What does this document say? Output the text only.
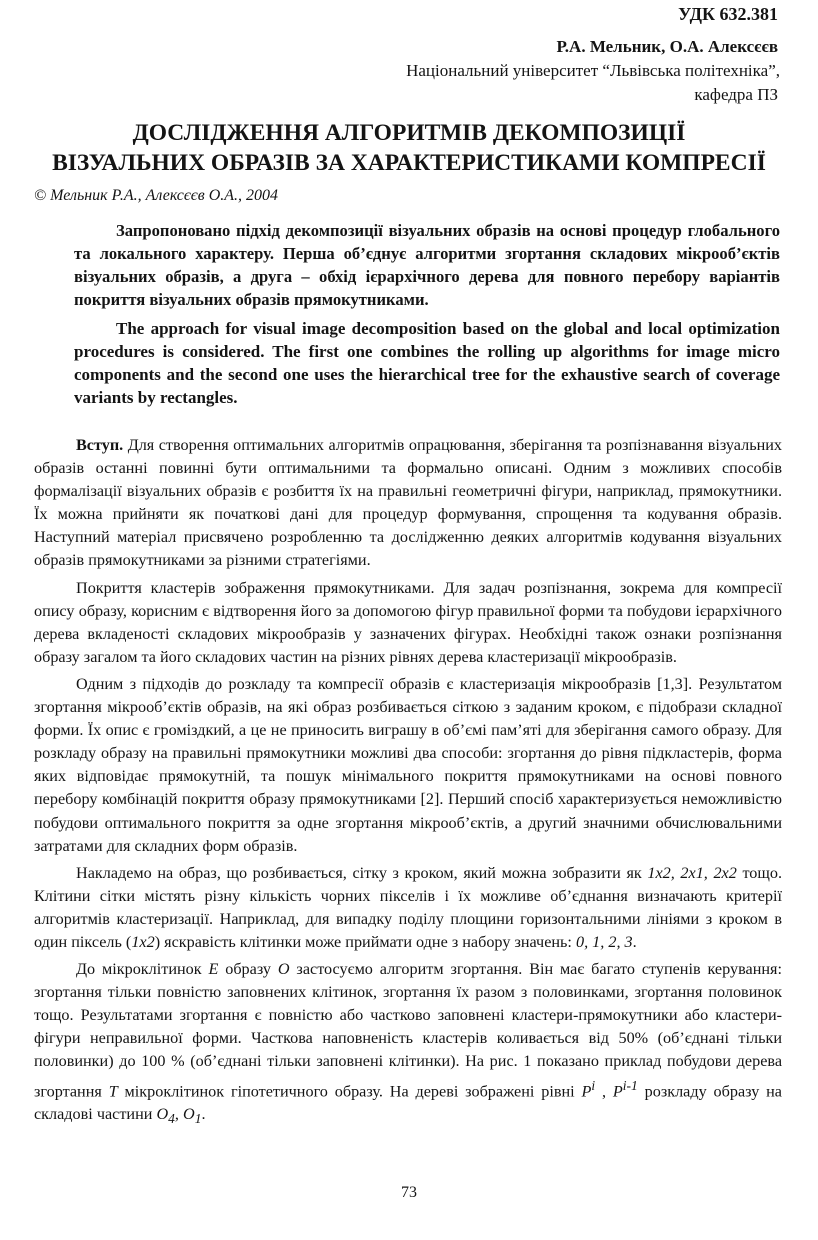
УДК 632.381
Р.А. Мельник, О.А. Алексєєв
Національний університет “Львівська політехніка”,
кафедра ПЗ
ДОСЛІДЖЕННЯ АЛГОРИТМІВ ДЕКОМПОЗИЦІЇ
ВІЗУАЛЬНИХ ОБРАЗІВ ЗА ХАРАКТЕРИСТИКАМИ КОМПРЕСІЇ
© Мельник Р.А., Алексєєв О.А., 2004

Запропоновано підхід декомпозиції візуальних образів на основі процедур глобального та локального характеру. Перша об’єднує алгоритми згортання складових мікрооб’єктів візуальних образів, а друга – обхід ієрархічного дерева для повного перебору варіантів покриття візуальних образів прямокутниками.

The approach for visual image decomposition based on the global and local optimization procedures is considered. The first one combines the rolling up algorithms for image micro components and the second one uses the hierarchical tree for the exhaustive search of coverage variants by rectangles.

Вступ. Для створення оптимальних алгоритмів опрацювання, зберігання та розпізнавання візуальних образів останні повинні бути оптимальними та формально описані. Одним з можливих способів формалізації візуальних образів є розбиття їх на правильні геометричні фігури, наприклад, прямокутники. Їх можна прийняти як початкові дані для процедур формування, спрощення та кодування образів. Наступний матеріал присвячено розробленню та дослідженню деяких алгоритмів кодування візуальних образів прямокутниками за різними стратегіями.

Покриття кластерів зображення прямокутниками. Для задач розпізнання, зокрема для компресії опису образу, корисним є відтворення його за допомогою фігур правильної форми та побудови ієрархічного дерева вкладеності складових мікрообразів у зазначених фігурах. Необхідні також ознаки розпізнання образу загалом та його складових частин на різних рівнях дерева кластеризації мікрообразів.

Одним з підходів до розкладу та компресії образів є кластеризація мікрообразів [1,3]. Результатом згортання мікрооб’єктів образів, на які образ розбивається сіткою з заданим кроком, є підобрази складної форми. Їх опис є громіздкий, а це не приносить виграшу в об’ємі пам’яті для зберігання самого образу. Для розкладу образу на правильні прямокутники можливі два способи: згортання до рівня підкластерів, форма яких відповідає прямокутній, та пошук мінімального покриття прямокутниками на основі повного перебору комбінацій покриття образу прямокутниками [2]. Перший спосіб характеризується неможливістю побудови оптимального покриття за одне згортання мікрооб’єктів, а другий значними обчислювальними затратами для складних форм образів.

Накладемо на образ, що розбивається, сітку з кроком, який можна зобразити як 1x2, 2x1, 2x2 тощо. Клітини сітки містять різну кількість чорних пікселів і їх можливе об’єднання визначають критерії алгоритмів кластеризації. Наприклад, для випадку поділу площини горизонтальними лініями з кроком в один піксель (1x2) яскравість клітинки може приймати одне з набору значень: 0, 1, 2, 3.

До мікроклітинок E образу O застосуємо алгоритм згортання. Він має багато ступенів керування: згортання тільки повністю заповнених клітинок, згортання їх разом з половинками, згортання половинок тощо. Результатами згортання є повністю або частково заповнені кластери-прямокутники або кластери-фігури неправильної форми. Часткова наповненість кластерів коливається від 50% (об’єднані тільки половинки) до 100 % (об’єднані тільки заповнені клітинки). На рис. 1 показано приклад побудови дерева згортання T мікроклітинок гіпотетичного образу. На дереві зображені рівні $P^i$ , $P^{i-1}$ розкладу образу на складові частини $O_4$, $O_1$.

73
